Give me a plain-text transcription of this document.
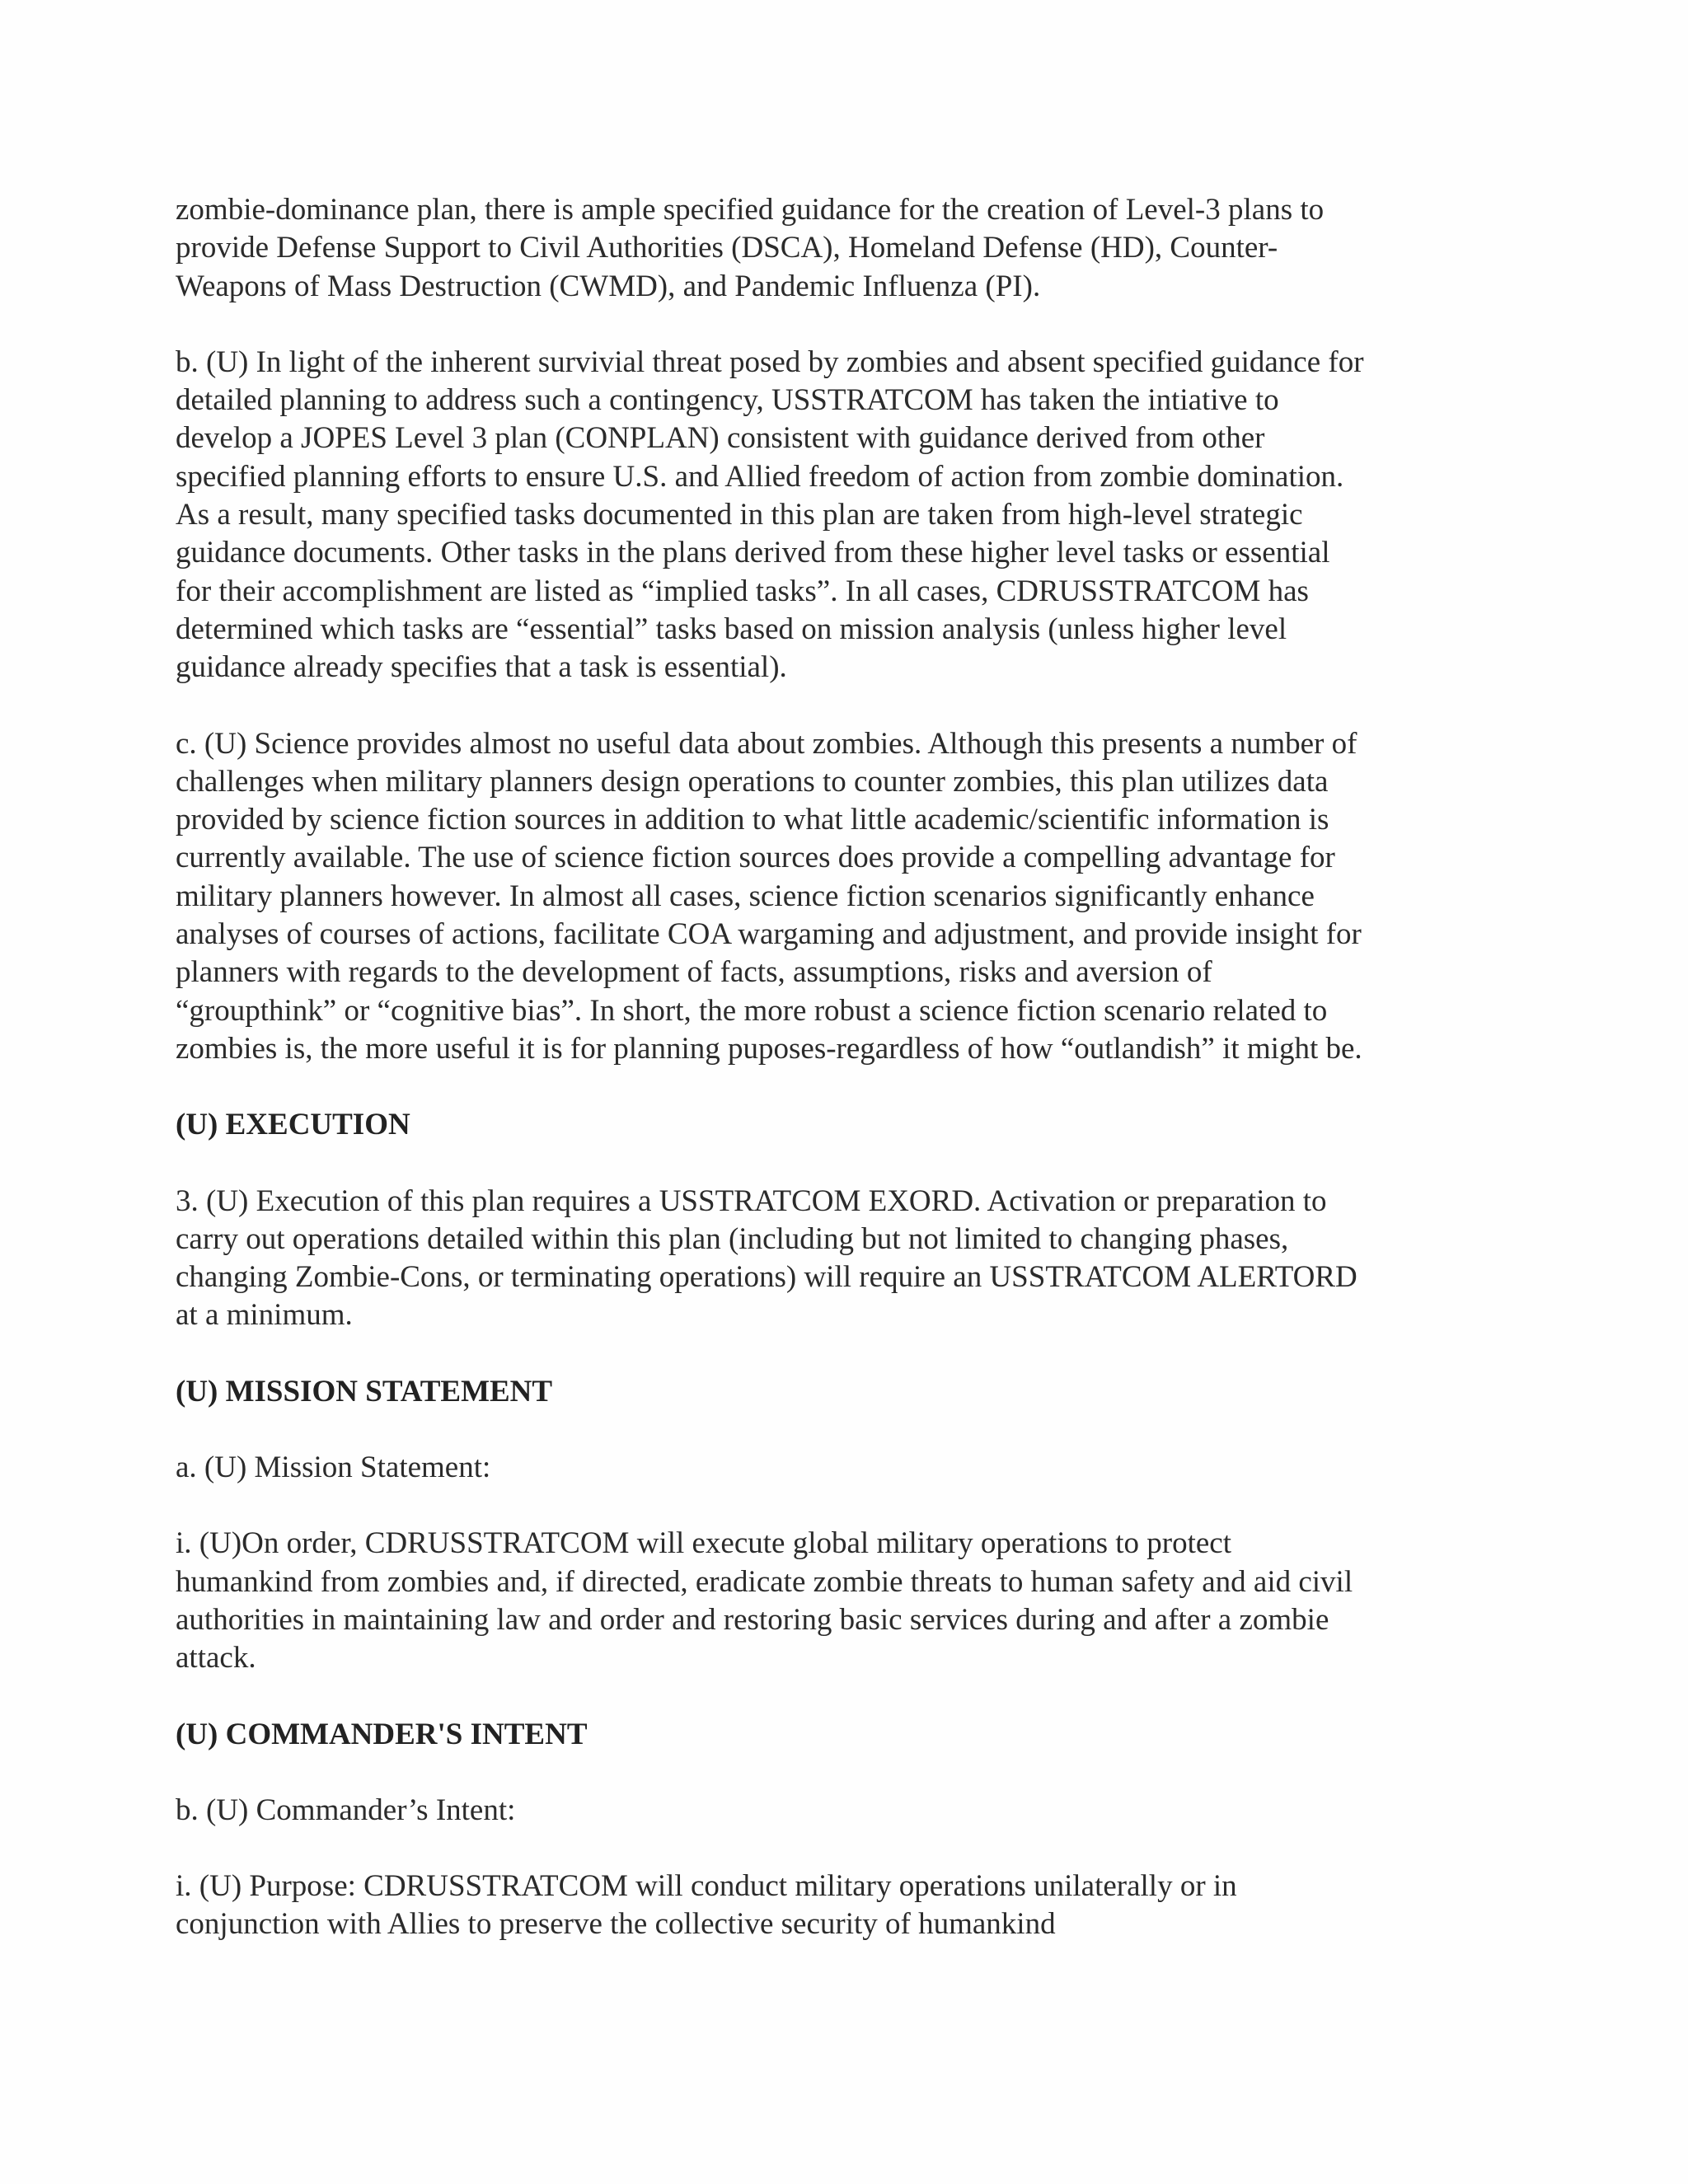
zombie-dominance plan, there is ample specified guidance for the creation of Level-3 plans to
provide Defense Support to Civil Authorities (DSCA), Homeland Defense (HD), Counter-
Weapons of Mass Destruction (CWMD), and Pandemic Influenza (PI).
b. (U) In light of the inherent survivial threat posed by zombies and absent specified guidance for
detailed planning to address such a contingency, USSTRATCOM has taken the intiative to
develop a JOPES Level 3 plan (CONPLAN) consistent with guidance derived from other
specified planning efforts to ensure U.S. and Allied freedom of action from zombie domination.
As a result, many specified tasks documented in this plan are taken from high-level strategic
guidance documents. Other tasks in the plans derived from these higher level tasks or essential
for their accomplishment are listed as “implied tasks”. In all cases, CDRUSSTRATCOM has
determined which tasks are “essential” tasks based on mission analysis (unless higher level
guidance already specifies that a task is essential).
c. (U) Science provides almost no useful data about zombies. Although this presents a number of
challenges when military planners design operations to counter zombies, this plan utilizes data
provided by science fiction sources in addition to what little academic/scientific information is
currently available. The use of science fiction sources does provide a compelling advantage for
military planners however. In almost all cases, science fiction scenarios significantly enhance
analyses of courses of actions, facilitate COA wargaming and adjustment, and provide insight for
planners with regards to the development of facts, assumptions, risks and aversion of
“groupthink” or “cognitive bias”. In short, the more robust a science fiction scenario related to
zombies is, the more useful it is for planning puposes-regardless of how “outlandish” it might be.
(U) EXECUTION
3. (U) Execution of this plan requires a USSTRATCOM EXORD. Activation or preparation to
carry out operations detailed within this plan (including but not limited to changing phases,
changing Zombie-Cons, or terminating operations) will require an USSTRATCOM ALERTORD
at a minimum.
(U) MISSION STATEMENT
a. (U) Mission Statement:
i. (U)On order, CDRUSSTRATCOM will execute global military operations to protect
humankind from zombies and, if directed, eradicate zombie threats to human safety and aid civil
authorities in maintaining law and order and restoring basic services during and after a zombie
attack.
(U) COMMANDER'S INTENT
b. (U) Commander’s Intent:
i. (U) Purpose: CDRUSSTRATCOM will conduct military operations unilaterally or in
conjunction with Allies to preserve the collective security of humankind
